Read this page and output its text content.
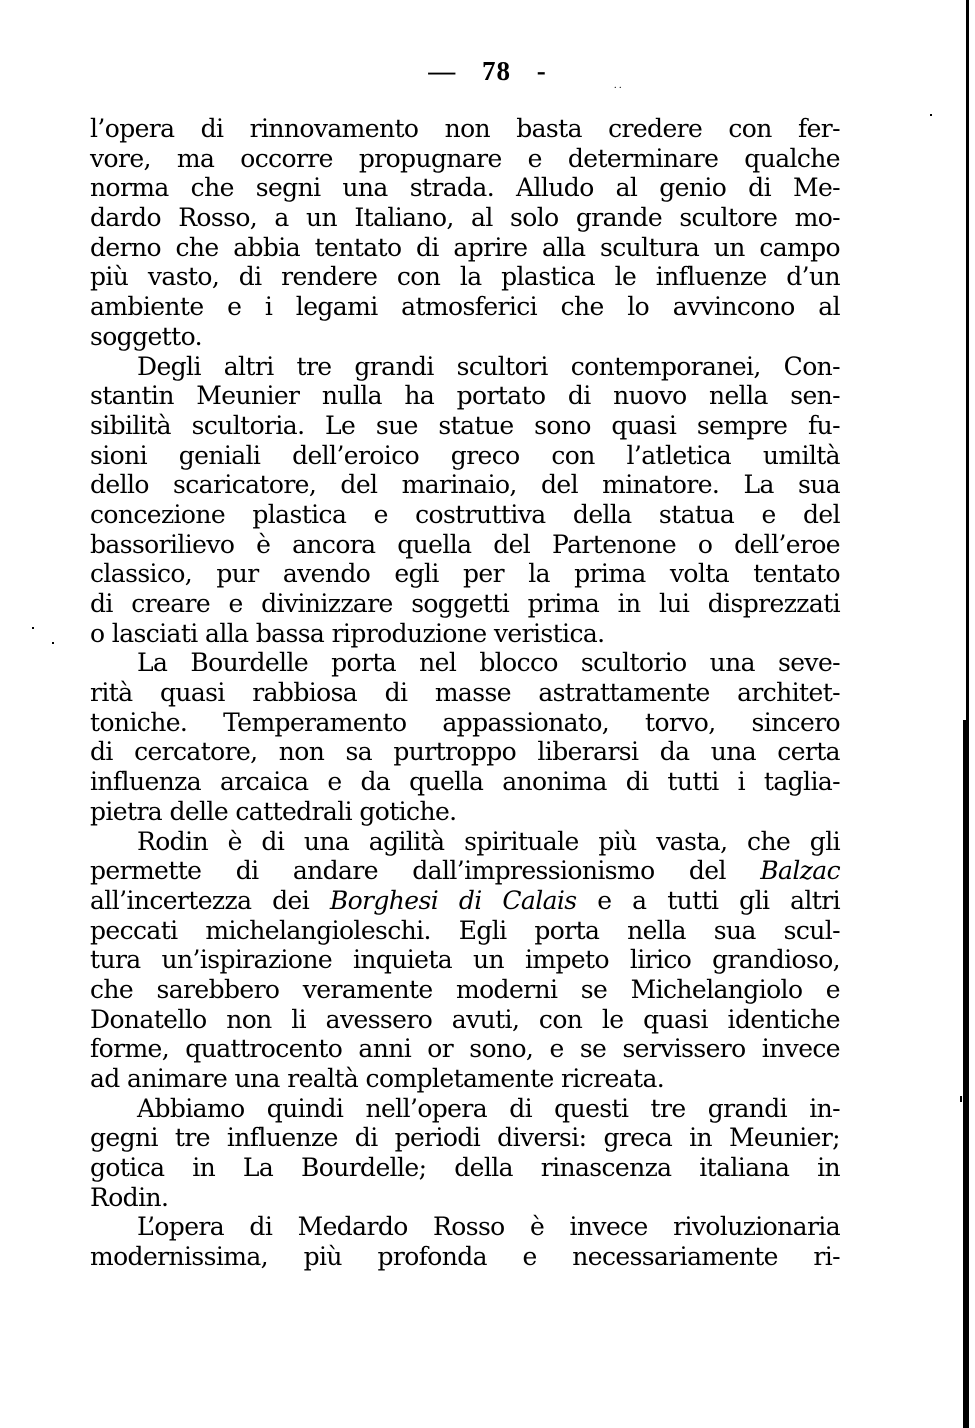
— 78 -	. .
l’opera di rinnovamento non basta credere con fer-
vore, ma occorre propugnare e determinare qualche
norma che segni una strada. Alludo al genio di Me-
dardo Rosso, a un Italiano, al solo grande scultore mo-
derno che abbia tentato di aprire alla scultura un campo
più vasto, di rendere con la plastica le influenze d’un
ambiente e i legami atmosferici che lo avvincono al
soggetto.
Degli altri tre grandi scultori contemporanei, Con-
stantin Meunier nulla ha portato di nuovo nella sen-
sibilità scultoria. Le sue statue sono quasi sempre fu-
sioni geniali dell’eroico greco con l’atletica umiltà
dello scaricatore, del marinaio, del minatore. La sua
concezione plastica e costruttiva della statua e del
bassorilievo è ancora quella del Partenone o dell’eroe
classico, pur avendo egli per la prima volta tentato
di creare e divinizzare soggetti prima in lui disprezzati
o lasciati alla bassa riproduzione veristica.
La Bourdelle porta nel blocco scultorio una seve-
rità quasi rabbiosa di masse astrattamente architet-
toniche. Temperamento appassionato, torvo, sincero
di cercatore, non sa purtroppo liberarsi da una certa
influenza arcaica e da quella anonima di tutti i taglia-
pietra delle cattedrali gotiche.
Rodin è di una agilità spirituale più vasta, che gli
permette di andare dall’impressionismo del Balzac
all’incertezza dei Borghesi di Calais e a tutti gli altri
peccati michelangioleschi. Egli porta nella sua scul-
tura un’ispirazione inquieta un impeto lirico grandioso,
che sarebbero veramente moderni se Michelangiolo e
Donatello non li avessero avuti, con le quasi identiche
forme, quattrocento anni or sono, e se servissero invece
ad animare una realtà completamente ricreata.
Abbiamo quindi nell’opera di questi tre grandi in-
gegni tre influenze di periodi diversi: greca in Meunier;
gotica in La Bourdelle; della rinascenza italiana in
Rodin.
L’opera di Medardo Rosso è invece rivoluzionaria
modernissima, più profonda e necessariamente ri-
